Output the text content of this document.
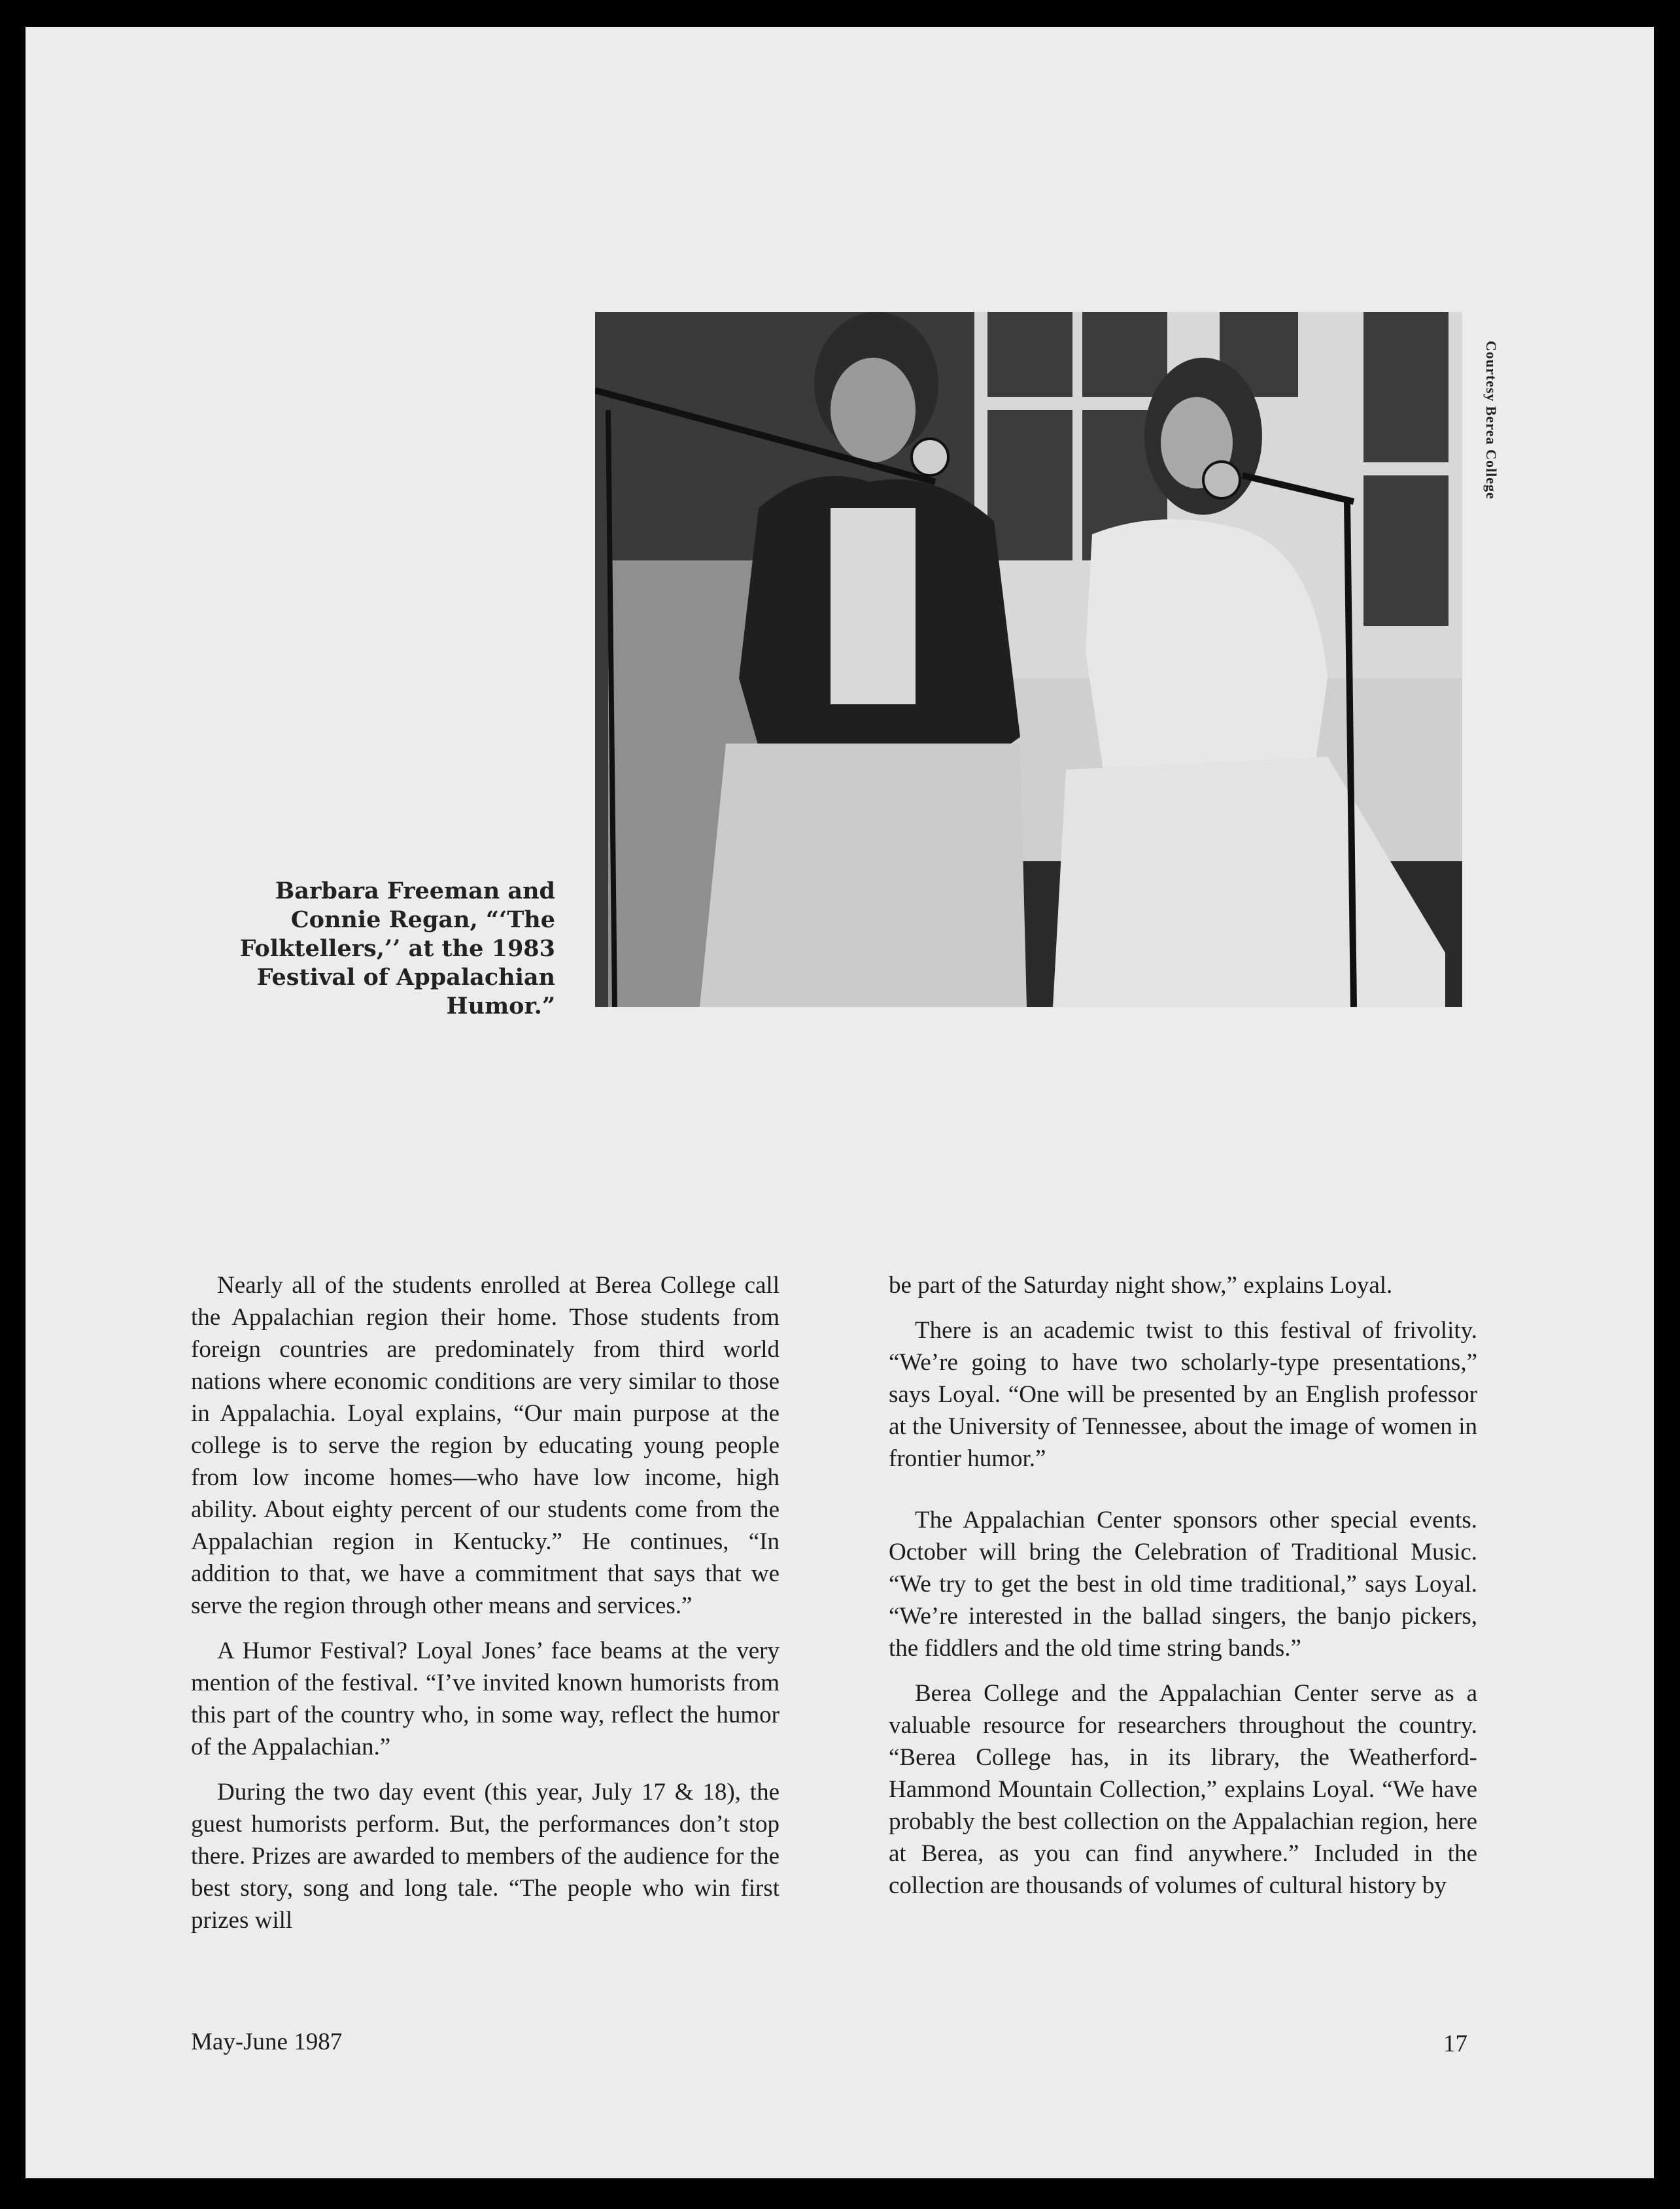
Courtesy Berea College
Barbara Freeman and Connie Regan, “‘The Folktellers,’’ at the 1983 Festival of Appalachian Humor.”

Nearly all of the students enrolled at Berea College call the Appalachian region their home. Those students from foreign countries are predominately from third world nations where economic conditions are very similar to those in Appalachia. Loyal explains, “Our main purpose at the college is to serve the region by educating young people from low income homes—who have low income, high ability. About eighty percent of our students come from the Appalachian region in Kentucky.” He continues, “In addition to that, we have a commitment that says that we serve the region through other means and services.”

A Humor Festival? Loyal Jones’ face beams at the very mention of the festival. “I’ve invited known humorists from this part of the country who, in some way, reflect the humor of the Appalachian.”

During the two day event (this year, July 17 & 18), the guest humorists perform. But, the performances don’t stop there. Prizes are awarded to members of the audience for the best story, song and long tale. “The people who win first prizes will

be part of the Saturday night show,” explains Loyal.

There is an academic twist to this festival of frivolity. “We’re going to have two scholarly-type presentations,” says Loyal. “One will be presented by an English professor at the University of Tennessee, about the image of women in frontier humor.”

The Appalachian Center sponsors other special events. October will bring the Celebration of Traditional Music. “We try to get the best in old time traditional,” says Loyal. “We’re interested in the ballad singers, the banjo pickers, the fiddlers and the old time string bands.”

Berea College and the Appalachian Center serve as a valuable resource for researchers throughout the country. “Berea College has, in its library, the Weatherford-Hammond Mountain Collection,” explains Loyal. “We have probably the best collection on the Appalachian region, here at Berea, as you can find anywhere.” Included in the collection are thousands of volumes of cultural history by

May-June 1987	17
